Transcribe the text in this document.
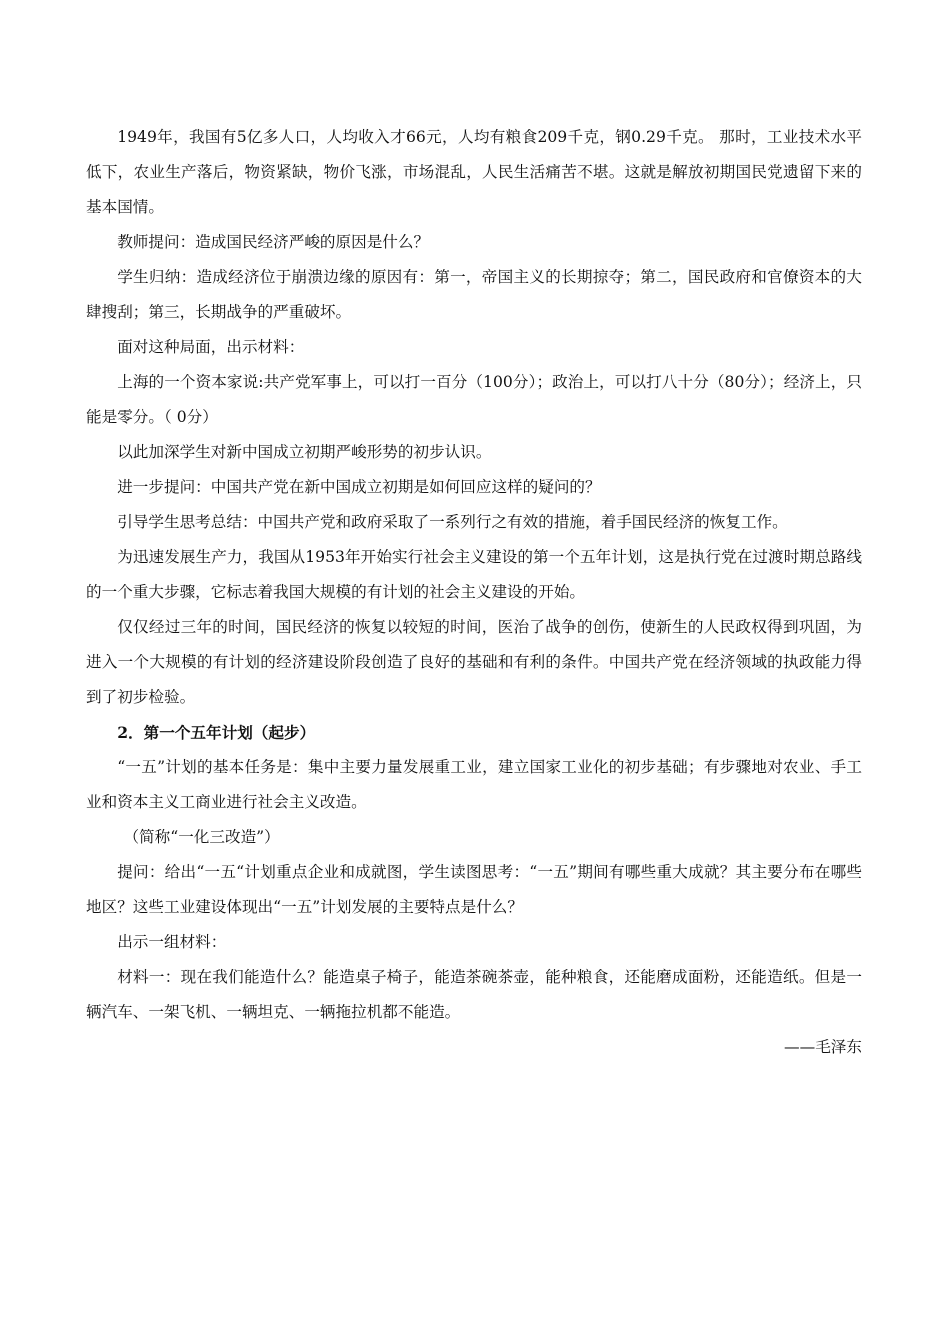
1949年，我国有5亿多人口，人均收入才66元，人均有粮食209千克，钢0.29千克。 那时，工业技术水平低下，农业生产落后，物资紧缺，物价飞涨，市场混乱，人民生活痛苦不堪。这就是解放初期国民党遗留下来的基本国情。

教师提问：造成国民经济严峻的原因是什么？

学生归纳：造成经济位于崩溃边缘的原因有：第一，帝国主义的长期掠夺；第二，国民政府和官僚资本的大肆搜刮；第三，长期战争的严重破坏。

面对这种局面，出示材料：

上海的一个资本家说:共产党军事上，可以打一百分（100分）；政治上，可以打八十分（80分）；经济上，只能是零分。（ 0分）

以此加深学生对新中国成立初期严峻形势的初步认识。

进一步提问：中国共产党在新中国成立初期是如何回应这样的疑问的？

引导学生思考总结：中国共产党和政府采取了一系列行之有效的措施，着手国民经济的恢复工作。

为迅速发展生产力，我国从1953年开始实行社会主义建设的第一个五年计划，这是执行党在过渡时期总路线的一个重大步骤，它标志着我国大规模的有计划的社会主义建设的开始。

仅仅经过三年的时间，国民经济的恢复以较短的时间，医治了战争的创伤，使新生的人民政权得到巩固，为进入一个大规模的有计划的经济建设阶段创造了良好的基础和有利的条件。中国共产党在经济领域的执政能力得到了初步检验。

2．第一个五年计划（起步）

“一五”计划的基本任务是：集中主要力量发展重工业，建立国家工业化的初步基础；有步骤地对农业、手工业和资本主义工商业进行社会主义改造。

（简称“一化三改造”）

提问：给出“一五“计划重点企业和成就图，学生读图思考：“一五”期间有哪些重大成就？其主要分布在哪些地区？这些工业建设体现出“一五”计划发展的主要特点是什么？

出示一组材料：

材料一：现在我们能造什么？能造桌子椅子，能造茶碗茶壶，能种粮食，还能磨成面粉，还能造纸。但是一辆汽车、一架飞机、一辆坦克、一辆拖拉机都不能造。

——毛泽东
